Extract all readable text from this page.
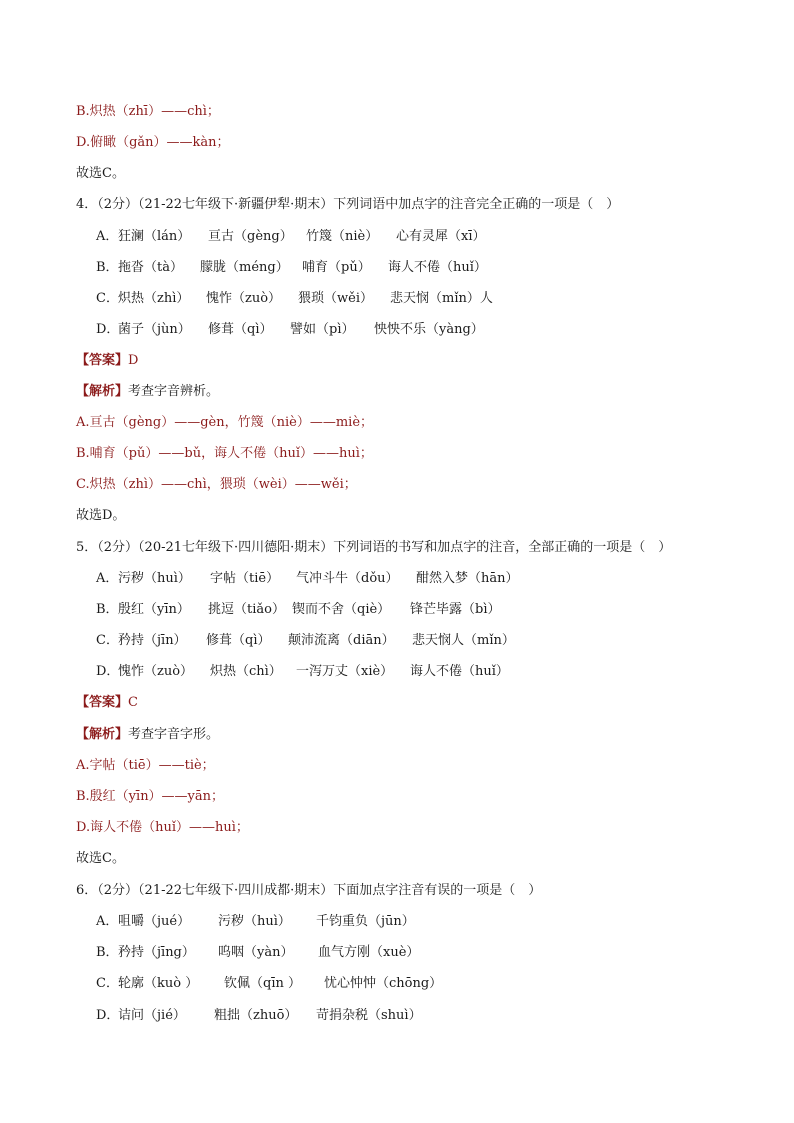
B.炽热（zhī）——chì；
D.俯瞰（gǎn）——kàn；
故选C。
4．（2分）（21-22七年级下·新疆伊犁·期末）下列词语中加点字的注音完全正确的一项是（　）
A． 狂澜（lán） 亘古（gèng） 竹篾（niè） 心有灵犀（xī）
B． 拖沓（tà） 朦胧（méng） 哺育（pǔ） 诲人不倦（huǐ）
C． 炽热（zhì） 愧怍（zuò） 猥琐（wěi） 悲天悯（mǐn）人
D．
菌子（jùn） 修葺（qì） 譬如（pì） 怏怏不乐（yàng）
【答案】D
【解析】考查字音辨析。
A.亘古（gèng）——gèn，竹篾（niè）——miè；
B.哺育（pǔ）——bǔ，诲人不倦（huǐ）——huì；
C.炽热（zhì）——chì，猥琐（wèi）——wěi；
故选D。
5．（2分）（20-21七年级下·四川德阳·期末）下列词语的书写和加点字的注音，全部正确的一项是（　）
A． 污秽（huì） 字帖（tiē） 气冲斗牛（dǒu） 酣然入梦（hān）
B． 殷红（yīn） 挑逗（tiǎo） 锲而不舍（qiè） 锋芒毕露（bì）
C． 矜持（jīn） 修葺（qì） 颠沛流离（diān） 悲天悯人（mǐn）
D．
愧怍（zuò） 炽热（chì） 一泻万丈（xiè） 诲人不倦（huǐ）
【答案】C
【解析】考查字音字形。
A.字帖（tiē）——tiè；
B.殷红（yīn）——yān；
D.诲人不倦（huǐ）——huì；
故选C。
6．（2分）（21-22七年级下·四川成都·期末）下面加点字注音有误的一项是（　）
A． 咀嚼（jué） 污秽（huì） 千钧重负（jūn）
B． 矜持（jīng） 呜咽（yàn） 血气方刚（xuè）
C． 轮廓（kuò ） 钦佩（qīn ） 忧心忡忡（chōng）
D．
诘问（jié） 粗拙（zhuō） 苛捐杂税（shuì）
